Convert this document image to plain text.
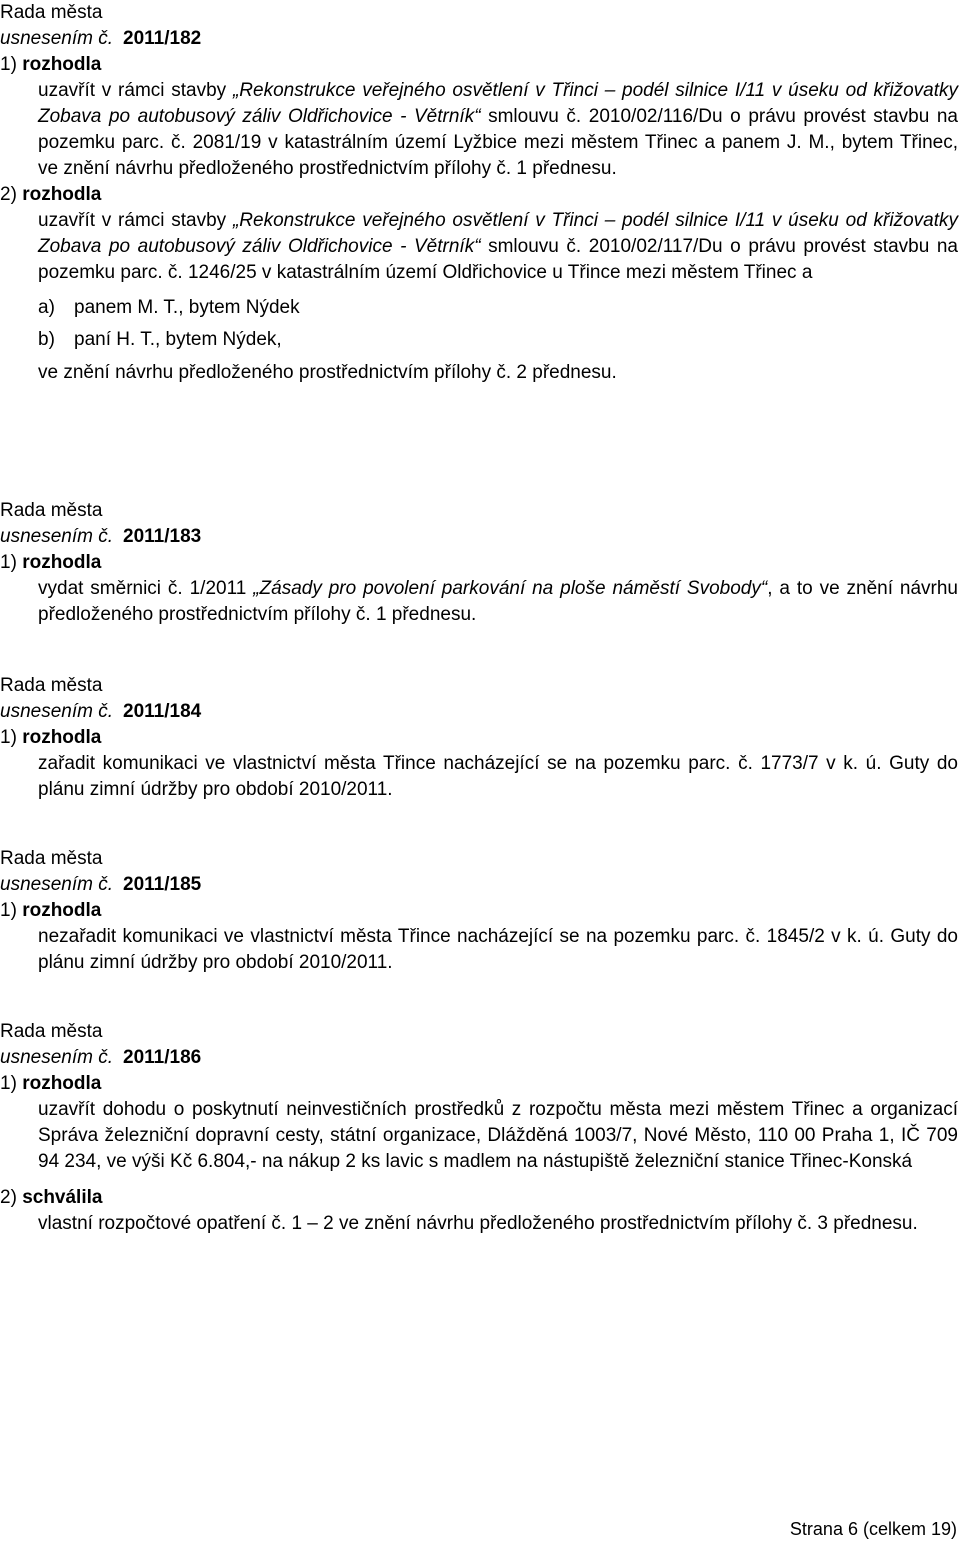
Rada města
usnesením č. 2011/182
1) rozhodla
uzavřít v rámci stavby „Rekonstrukce veřejného osvětlení v Třinci – podél silnice I/11 v úseku od křižovatky Zobava po autobusový záliv Oldřichovice - Větrník“ smlouvu č. 2010/02/116/Du o právu provést stavbu na pozemku parc. č. 2081/19 v katastrálním území Lyžbice mezi městem Třinec a panem J. M., bytem Třinec, ve znění návrhu předloženého prostřednictvím přílohy č. 1 přednesu.
2) rozhodla
uzavřít v rámci stavby „Rekonstrukce veřejného osvětlení v Třinci – podél silnice I/11 v úseku od křižovatky Zobava po autobusový záliv Oldřichovice - Větrník“ smlouvu č. 2010/02/117/Du o právu provést stavbu na pozemku parc. č. 1246/25 v katastrálním území Oldřichovice u Třince mezi městem Třinec a
a) panem M. T., bytem Nýdek
b) paní H. T., bytem Nýdek,
ve znění návrhu předloženého prostřednictvím přílohy č. 2 přednesu.
Rada města
usnesením č. 2011/183
1) rozhodla
vydat směrnici č. 1/2011 „Zásady pro povolení parkování na ploše náměstí Svobody“, a to ve znění návrhu předloženého prostřednictvím přílohy č. 1 přednesu.
Rada města
usnesením č. 2011/184
1) rozhodla
zařadit komunikaci ve vlastnictví města Třince nacházející se na pozemku parc. č. 1773/7 v k. ú. Guty do plánu zimní údržby pro období 2010/2011.
Rada města
usnesením č. 2011/185
1) rozhodla
nezařadit komunikaci ve vlastnictví města Třince nacházející se na pozemku parc. č. 1845/2 v k. ú. Guty do plánu zimní údržby pro období 2010/2011.
Rada města
usnesením č. 2011/186
1) rozhodla
uzavřít dohodu o poskytnutí neinvestičních prostředků z rozpočtu města mezi městem Třinec a organizací Správa železniční dopravní cesty, státní organizace, Dlážděná 1003/7, Nové Město, 110 00 Praha 1, IČ 709 94 234, ve výši Kč 6.804,- na nákup 2 ks lavic s madlem na nástupiště železniční stanice Třinec-Konská
2) schválila
vlastní rozpočtové opatření č. 1 – 2 ve znění návrhu předloženého prostřednictvím přílohy č. 3 přednesu.
Strana 6 (celkem 19)
